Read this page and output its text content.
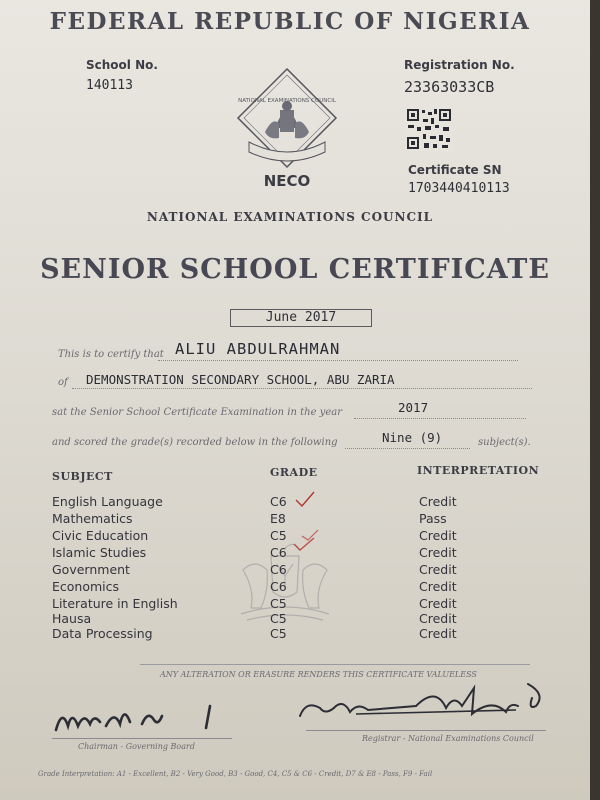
FEDERAL REPUBLIC OF NIGERIA
School No.
140113
Registration No.
23363033CB
Certificate SN
1703440410113
NATIONAL EXAMINATIONS COUNCIL
NECO
NATIONAL EXAMINATIONS COUNCIL
SENIOR SCHOOL CERTIFICATE
June 2017
This is to certify that ALIU ABDULRAHMAN
of DEMONSTRATION SECONDARY SCHOOL, ABU ZARIA
sat the Senior School Certificate Examination in the year	2017
and scored the grade(s) recorded below in the following	Nine (9)	subject(s).
SUBJECT	GRADE	INTERPRETATION
English Language	C6	Credit
Mathematics	E8	Pass
Civic Education	C5	Credit
Islamic Studies	C6	Credit
Government	C6	Credit
Economics	C6	Credit
Literature in English	C5	Credit
Hausa	C5	Credit
Data Processing	C5	Credit
ANY ALTERATION OR ERASURE RENDERS THIS CERTIFICATE VALUELESS
Chairman - Governing Board
Registrar - National Examinations Council
Grade Interpretation: A1 - Excellent, B2 - Very Good, B3 - Good, C4, C5 & C6 - Credit, D7 & E8 - Pass, F9 - Fail
